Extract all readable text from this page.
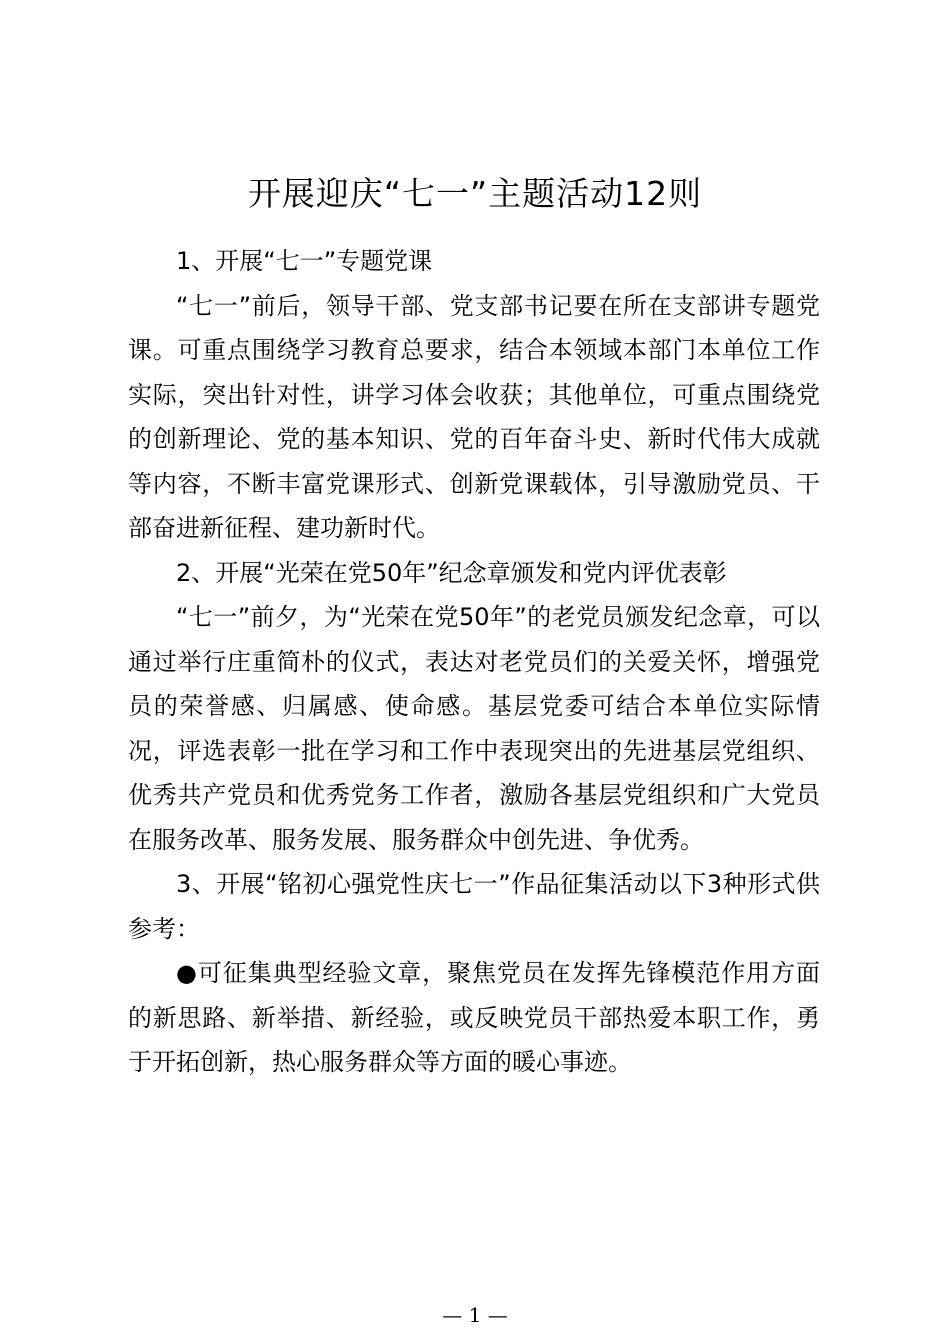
开展迎庆“七一”主题活动12则

1、开展“七一”专题党课

“七一”前后，领导干部、党支部书记要在所在支部讲专题党课。可重点围绕学习教育总要求，结合本领域本部门本单位工作实际，突出针对性，讲学习体会收获；其他单位，可重点围绕党的创新理论、党的基本知识、党的百年奋斗史、新时代伟大成就等内容，不断丰富党课形式、创新党课载体，引导激励党员、干部奋进新征程、建功新时代。

2、开展“光荣在党50年”纪念章颁发和党内评优表彰

“七一”前夕，为“光荣在党50年”的老党员颁发纪念章，可以通过举行庄重简朴的仪式，表达对老党员们的关爱关怀，增强党员的荣誉感、归属感、使命感。基层党委可结合本单位实际情况，评选表彰一批在学习和工作中表现突出的先进基层党组织、优秀共产党员和优秀党务工作者，激励各基层党组织和广大党员在服务改革、服务发展、服务群众中创先进、争优秀。

3、开展“铭初心强党性庆七一”作品征集活动以下3种形式供参考：

●可征集典型经验文章，聚焦党员在发挥先锋模范作用方面的新思路、新举措、新经验，或反映党员干部热爱本职工作，勇于开拓创新，热心服务群众等方面的暖心事迹。

— 1 —
